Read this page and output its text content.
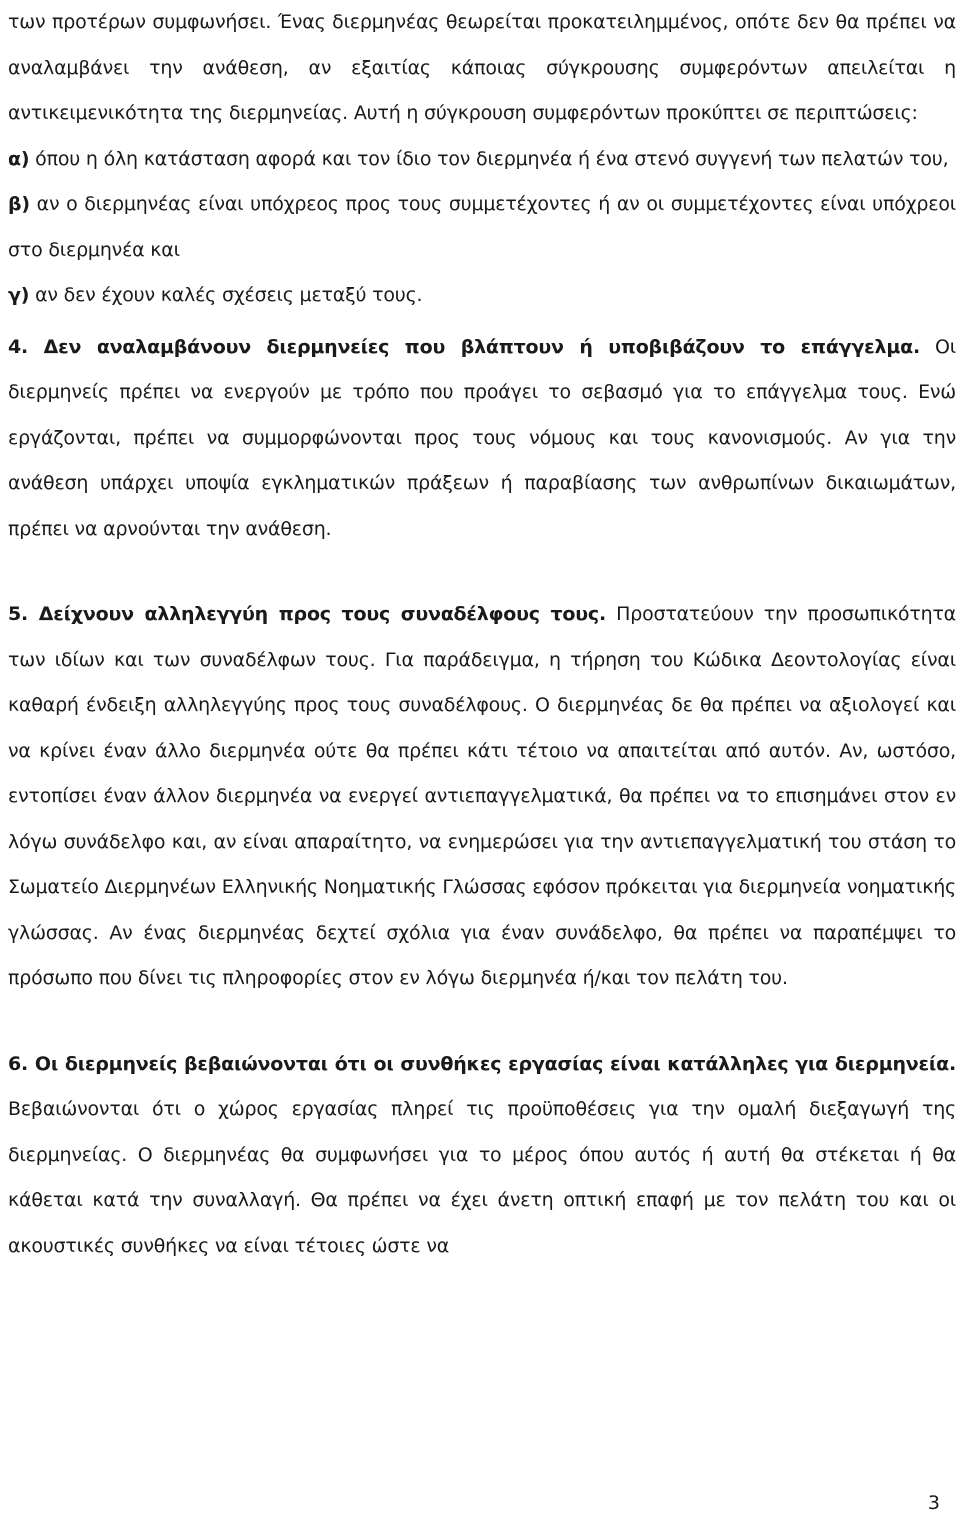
των προτέρων συμφωνήσει. Ένας διερμηνέας θεωρείται προκατειλημμένος, οπότε δεν θα πρέπει να αναλαμβάνει την ανάθεση, αν εξαιτίας κάποιας σύγκρουσης συμφερόντων απειλείται η αντικειμενικότητα της διερμηνείας. Αυτή η σύγκρουση συμφερόντων προκύπτει σε περιπτώσεις:

α) όπου η όλη κατάσταση αφορά και τον ίδιο τον διερμηνέα ή ένα στενό συγγενή των πελατών του,

β) αν ο διερμηνέας είναι υπόχρεος προς τους συμμετέχοντες ή αν οι συμμετέχοντες είναι υπόχρεοι στο διερμηνέα και

γ) αν δεν έχουν καλές σχέσεις μεταξύ τους.

4. Δεν αναλαμβάνουν διερμηνείες που βλάπτουν ή υποβιβάζουν το επάγγελμα. Οι διερμηνείς πρέπει να ενεργούν με τρόπο που προάγει το σεβασμό για το επάγγελμα τους. Ενώ εργάζονται, πρέπει να συμμορφώνονται προς τους νόμους και τους κανονισμούς. Αν για την ανάθεση υπάρχει υποψία εγκληματικών πράξεων ή παραβίασης των ανθρωπίνων δικαιωμάτων, πρέπει να αρνούνται την ανάθεση.

5. Δείχνουν αλληλεγγύη προς τους συναδέλφους τους. Προστατεύουν την προσωπικότητα των ιδίων και των συναδέλφων τους. Για παράδειγμα, η τήρηση του Κώδικα Δεοντολογίας είναι καθαρή ένδειξη αλληλεγγύης προς τους συναδέλφους. Ο διερμηνέας δε θα πρέπει να αξιολογεί και να κρίνει έναν άλλο διερμηνέα ούτε θα πρέπει κάτι τέτοιο να απαιτείται από αυτόν. Αν, ωστόσο, εντοπίσει έναν άλλον διερμηνέα να ενεργεί αντιεπαγγελματικά, θα πρέπει να το επισημάνει στον εν λόγω συνάδελφο και, αν είναι απαραίτητο, να ενημερώσει για την αντιεπαγγελματική του στάση το Σωματείο Διερμηνέων Ελληνικής Νοηματικής Γλώσσας εφόσον πρόκειται για διερμηνεία νοηματικής γλώσσας. Αν ένας διερμηνέας δεχτεί σχόλια για έναν συνάδελφο, θα πρέπει να παραπέμψει το πρόσωπο που δίνει τις πληροφορίες στον εν λόγω διερμηνέα ή/και τον πελάτη του.

6. Οι διερμηνείς βεβαιώνονται ότι οι συνθήκες εργασίας είναι κατάλληλες για διερμηνεία. Βεβαιώνονται ότι ο χώρος εργασίας πληρεί τις προϋποθέσεις για την ομαλή διεξαγωγή της διερμηνείας. Ο διερμηνέας θα συμφωνήσει για το μέρος όπου αυτός ή αυτή θα στέκεται ή θα κάθεται κατά την συναλλαγή. Θα πρέπει να έχει άνετη οπτική επαφή με τον πελάτη του και οι ακουστικές συνθήκες να είναι τέτοιες ώστε να

3
